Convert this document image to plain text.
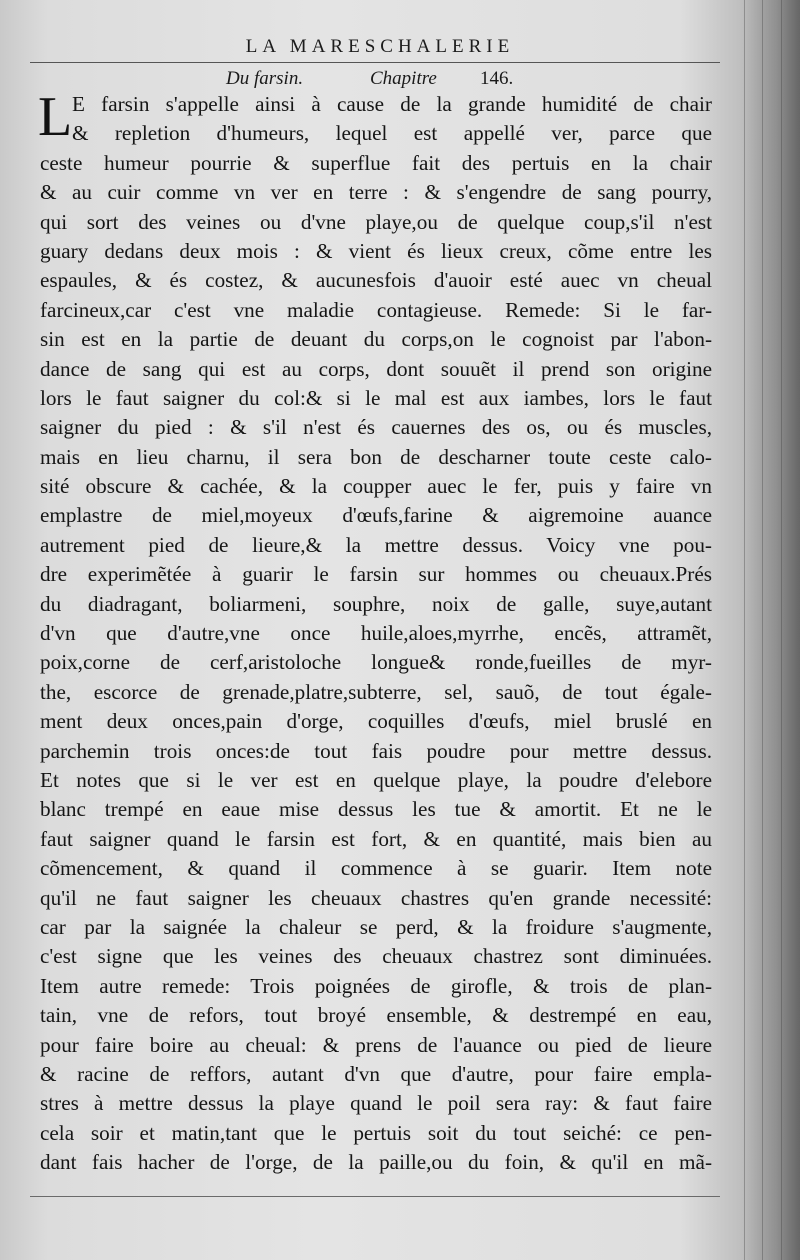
LA MARESCHALERIE
Du farsin.	Chapitre 146.
L E farsin s'appelle ainsi à cause de la grande humidité de chair
& repletion d'humeurs, lequel est appellé ver, parce que
ceste humeur pourrie & superflue fait des pertuis en la chair
& au cuir comme vn ver en terre : & s'engendre de sang pourry,
qui sort des veines ou d'vne playe,ou de quelque coup,s'il n'est
guary dedans deux mois : & vient és lieux creux, cõme entre les
espaules, & és costez, & aucunesfois d'auoir esté auec vn cheual
farcineux,car c'est vne maladie contagieuse. Remede: Si le far-
sin est en la partie de deuant du corps,on le cognoist par l'abon-
dance de sang qui est au corps, dont souuẽt il prend son origine
lors le faut saigner du col:& si le mal est aux iambes, lors le faut
saigner du pied : & s'il n'est és cauernes des os, ou és muscles,
mais en lieu charnu, il sera bon de descharner toute ceste calo-
sité obscure & cachée, & la coupper auec le fer, puis y faire vn
emplastre de miel,moyeux d'œufs,farine & aigremoine auance
autrement pied de lieure,& la mettre dessus. Voicy vne pou-
dre experimẽtée à guarir le farsin sur hommes ou cheuaux.Prés
du diadragant, boliarmeni, souphre, noix de galle, suye,autant
d'vn que d'autre,vne once huile,aloes,myrrhe, encẽs, attramẽt,
poix,corne de cerf,aristoloche longue& ronde,fueilles de myr-
the, escorce de grenade,platre,subterre, sel, sauõ, de tout égale-
ment deux onces,pain d'orge, coquilles d'œufs, miel bruslé en
parchemin trois onces:de tout fais poudre pour mettre dessus.
Et notes que si le ver est en quelque playe, la poudre d'elebore
blanc trempé en eaue mise dessus les tue & amortit. Et ne le
faut saigner quand le farsin est fort, & en quantité, mais bien au
cõmencement, & quand il commence à se guarir. Item note
qu'il ne faut saigner les cheuaux chastres qu'en grande necessité:
car par la saignée la chaleur se perd, & la froidure s'augmente,
c'est signe que les veines des cheuaux chastrez sont diminuées.
Item autre remede: Trois poignées de girofle, & trois de plan-
tain, vne de refors, tout broyé ensemble, & destrempé en eau,
pour faire boire au cheual: & prens de l'auance ou pied de lieure
& racine de reffors, autant d'vn que d'autre, pour faire empla-
stres à mettre dessus la playe quand le poil sera ray: & faut faire
cela soir et matin,tant que le pertuis soit du tout seiché: ce pen-
dant fais hacher de l'orge, de la paille,ou du foin, & qu'il en mã-
